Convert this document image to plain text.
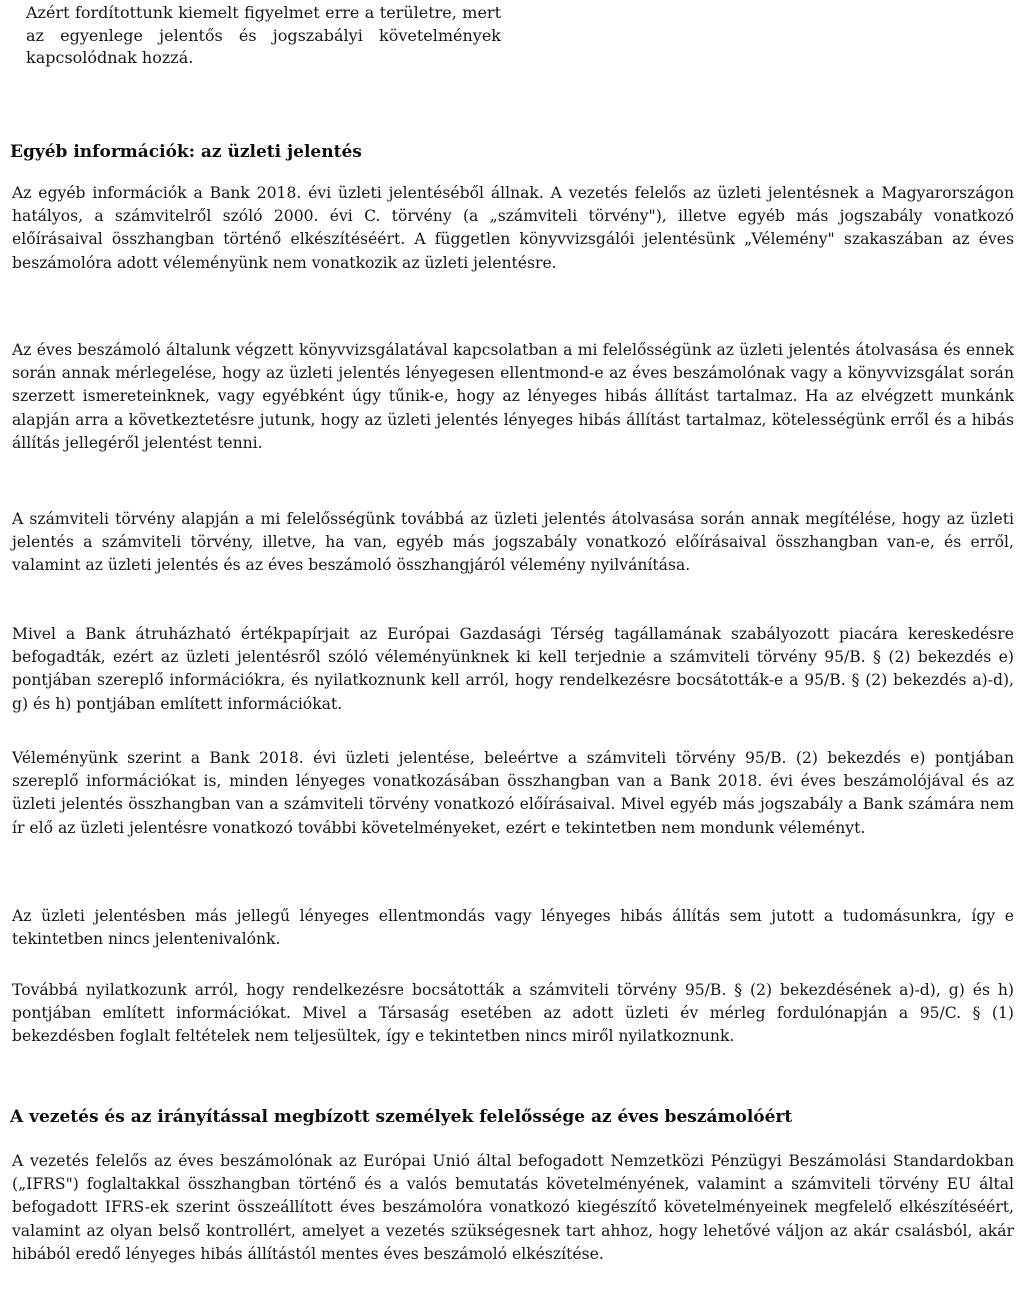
Azért fordítottunk kiemelt figyelmet erre a területre, mert az egyenlege jelentős és jogszabályi követelmények kapcsolódnak hozzá.

Egyéb információk: az üzleti jelentés

Az egyéb információk a Bank 2018. évi üzleti jelentéséből állnak. A vezetés felelős az üzleti jelentésnek a Magyarországon hatályos, a számvitelről szóló 2000. évi C. törvény (a „számviteli törvény"), illetve egyéb más jogszabály vonatkozó előírásaival összhangban történő elkészítéséért. A független könyvvizsgálói jelentésünk „Vélemény" szakaszában az éves beszámolóra adott véleményünk nem vonatkozik az üzleti jelentésre.

Az éves beszámoló általunk végzett könyvvizsgálatával kapcsolatban a mi felelősségünk az üzleti jelentés átolvasása és ennek során annak mérlegelése, hogy az üzleti jelentés lényegesen ellentmond-e az éves beszámolónak vagy a könyvvizsgálat során szerzett ismereteinknek, vagy egyébként úgy tűnik-e, hogy az lényeges hibás állítást tartalmaz. Ha az elvégzett munkánk alapján arra a következtetésre jutunk, hogy az üzleti jelentés lényeges hibás állítást tartalmaz, kötelességünk erről és a hibás állítás jellegéről jelentést tenni.

A számviteli törvény alapján a mi felelősségünk továbbá az üzleti jelentés átolvasása során annak megítélése, hogy az üzleti jelentés a számviteli törvény, illetve, ha van, egyéb más jogszabály vonatkozó előírásaival összhangban van-e, és erről, valamint az üzleti jelentés és az éves beszámoló összhangjáról vélemény nyilvánítása.

Mivel a Bank átruházható értékpapírjait az Európai Gazdasági Térség tagállamának szabályozott piacára kereskedésre befogadták, ezért az üzleti jelentésről szóló véleményünknek ki kell terjednie a számviteli törvény 95/B. § (2) bekezdés e) pontjában szereplő információkra, és nyilatkoznunk kell arról, hogy rendelkezésre bocsátották-e a 95/B. § (2) bekezdés a)-d), g) és h) pontjában említett információkat.

Véleményünk szerint a Bank 2018. évi üzleti jelentése, beleértve a számviteli törvény 95/B. (2) bekezdés e) pontjában szereplő információkat is, minden lényeges vonatkozásában összhangban van a Bank 2018. évi éves beszámolójával és az üzleti jelentés összhangban van a számviteli törvény vonatkozó előírásaival. Mivel egyéb más jogszabály a Bank számára nem ír elő az üzleti jelentésre vonatkozó további követelményeket, ezért e tekintetben nem mondunk véleményt.

Az üzleti jelentésben más jellegű lényeges ellentmondás vagy lényeges hibás állítás sem jutott a tudomásunkra, így e tekintetben nincs jelentenivalónk.

Továbbá nyilatkozunk arról, hogy rendelkezésre bocsátották a számviteli törvény 95/B. § (2) bekezdésének a)-d), g) és h) pontjában említett információkat. Mivel a Társaság esetében az adott üzleti év mérleg fordulónapján a 95/C. § (1) bekezdésben foglalt feltételek nem teljesültek, így e tekintetben nincs miről nyilatkoznunk.

A vezetés és az irányítással megbízott személyek felelőssége az éves beszámolóért

A vezetés felelős az éves beszámolónak az Európai Unió által befogadott Nemzetközi Pénzügyi Beszámolási Standardokban („IFRS") foglaltakkal összhangban történő és a valós bemutatás követelményének, valamint a számviteli törvény EU által befogadott IFRS-ek szerint összeállított éves beszámolóra vonatkozó kiegészítő követelményeinek megfelelő elkészítéséért, valamint az olyan belső kontrollért, amelyet a vezetés szükségesnek tart ahhoz, hogy lehetővé váljon az akár csalásból, akár hibából eredő lényeges hibás állítástól mentes éves beszámoló elkészítése.
